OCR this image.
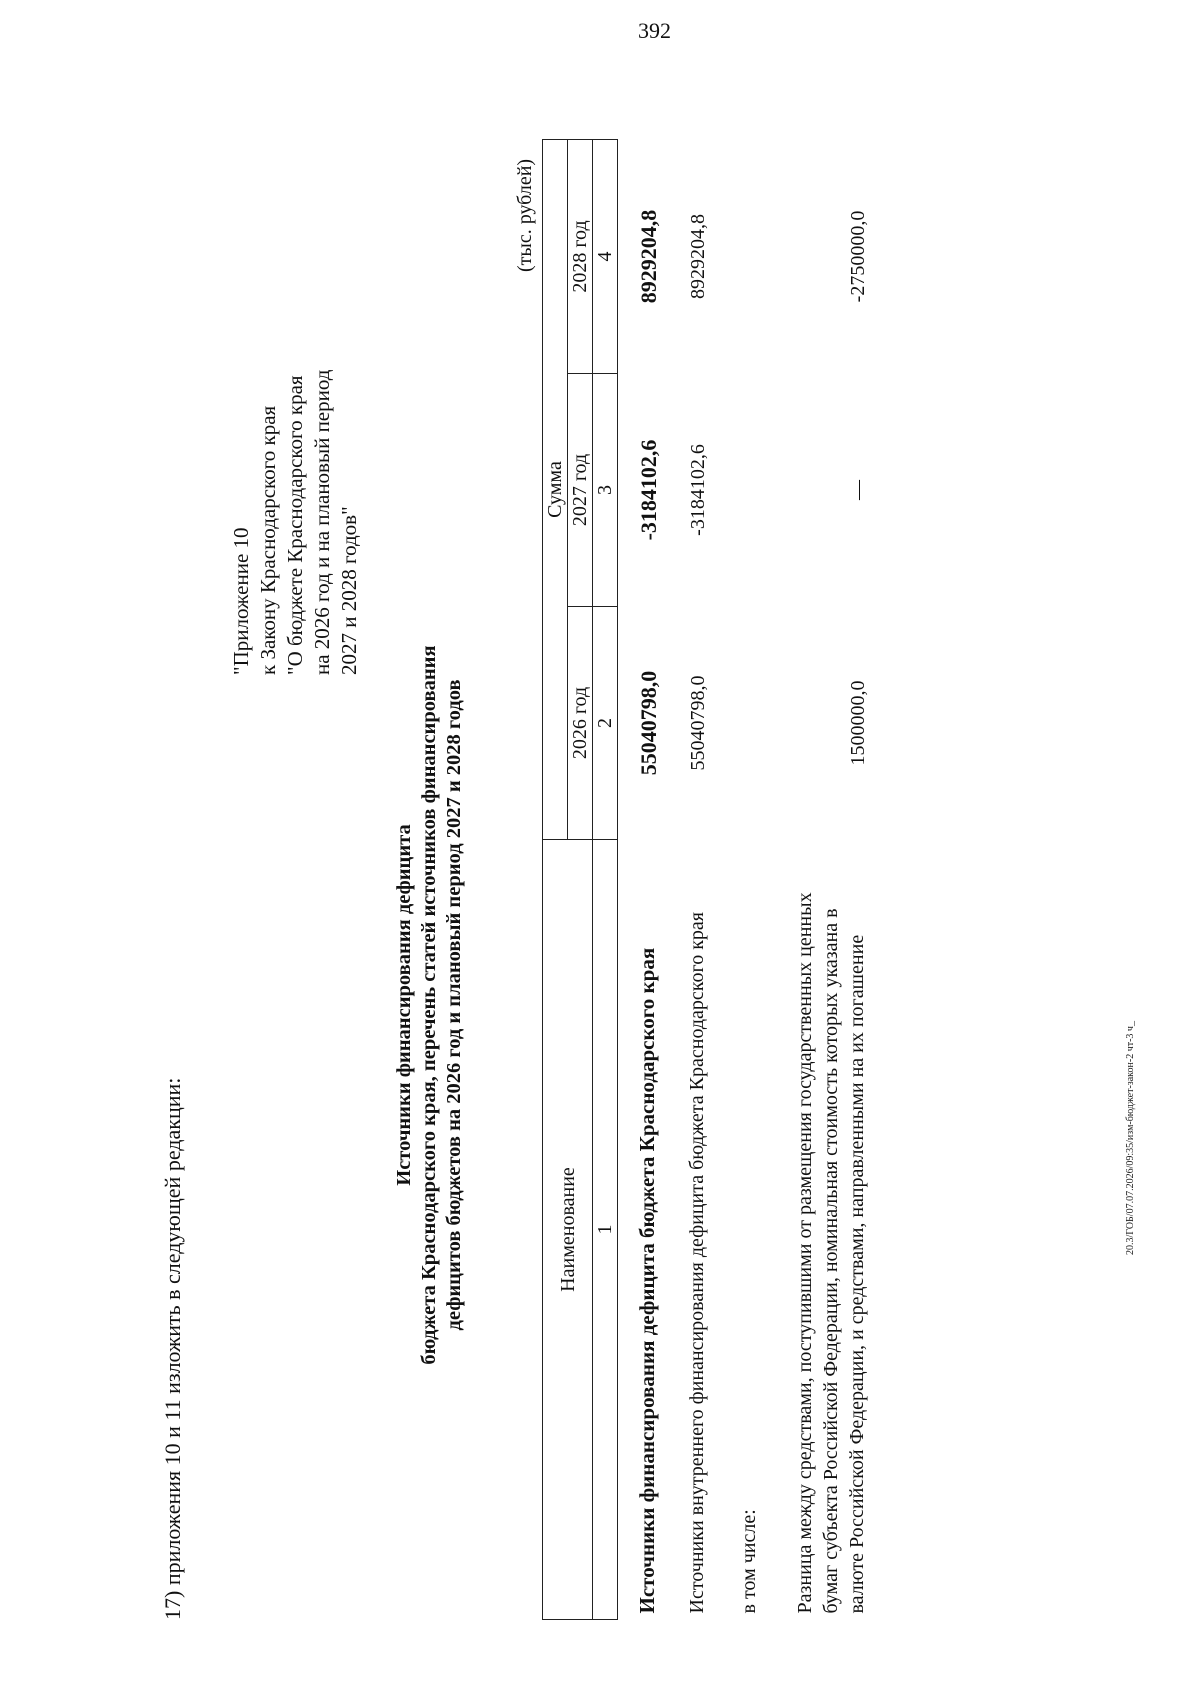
392
20.3/ГОБ/07.07.2026/09:35/изм-бюджет-закон-2 чт-3 ч_
17) приложения 10 и 11 изложить в следующей редакции:
"Приложение 10 к Закону Краснодарского края "О бюджете Краснодарского края на 2026 год и на плановый период 2027 и 2028 годов"
Источники финансирования дефицита бюджета Краснодарского края, перечень статей источников финансирования дефицитов бюджетов на 2026 год и плановый период 2027 и 2028 годов
(тыс. рублей)
Наименование	Сумма		
	2026 год	2027 год	2028 год
1	2	3	4
Источники финансирования дефицита бюджета Краснодарского края	55040798,0	-3184102,6	8929204,8
Источники внутреннего финансирования дефицита бюджета Краснодарского края	55040798,0	-3184102,6	8929204,8
в том числе:			
Разница между средствами, поступившими от размещения государственных ценных бумаг субъекта Российской Федерации, номинальная стоимость которых указана в валюте Российской Федерации, и средствами, направленными на их погашение	1500000,0	—	-2750000,0
